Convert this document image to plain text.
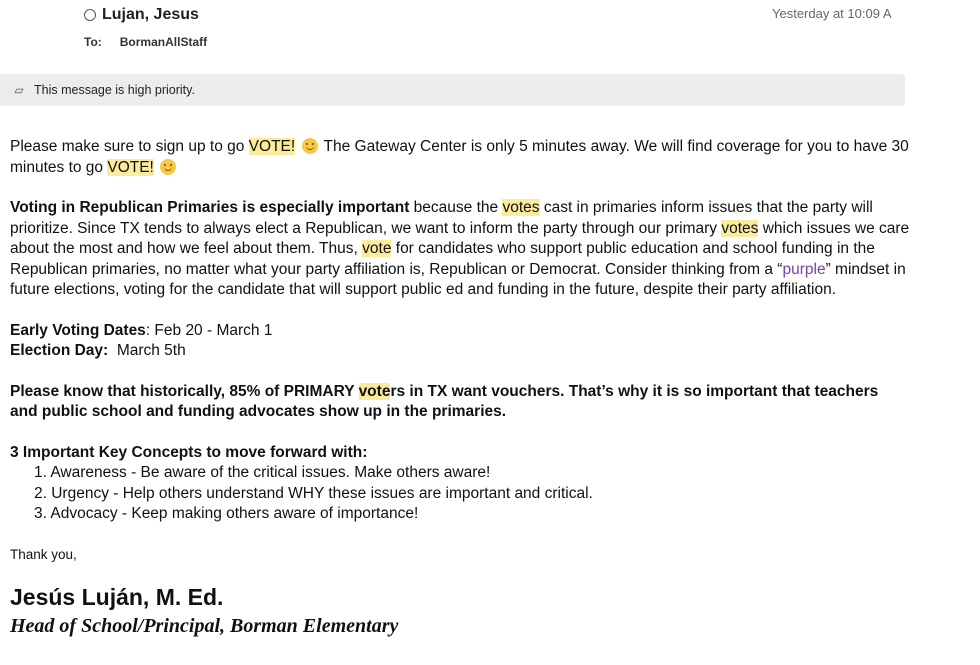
Lujan, Jesus	Yesterday at 10:09 A
To: BormanAllStaff
▱ This message is high priority.

Please make sure to sign up to go VOTE!  The Gateway Center is only 5 minutes away. We will find coverage for you to have 30 minutes to go VOTE!

Voting in Republican Primaries is especially important because the votes cast in primaries inform issues that the party will prioritize. Since TX tends to always elect a Republican, we want to inform the party through our primary votes which issues we care about the most and how we feel about them. Thus, vote for candidates who support public education and school funding in the Republican primaries, no matter what your party affiliation is, Republican or Democrat. Consider thinking from a “purple” mindset in future elections, voting for the candidate that will support public ed and funding in the future, despite their party affiliation.

Early Voting Dates: Feb 20 - March 1
Election Day:  March 5th

Please know that historically, 85% of PRIMARY voters in TX want vouchers. That’s why it is so important that teachers and public school and funding advocates show up in the primaries.

3 Important Key Concepts to move forward with:

1. Awareness - Be aware of the critical issues. Make others aware!
2. Urgency - Help others understand WHY these issues are important and critical.
3. Advocacy - Keep making others aware of importance!

Thank you,

Jesús Luján, M. Ed.

Head of School/Principal, Borman Elementary
